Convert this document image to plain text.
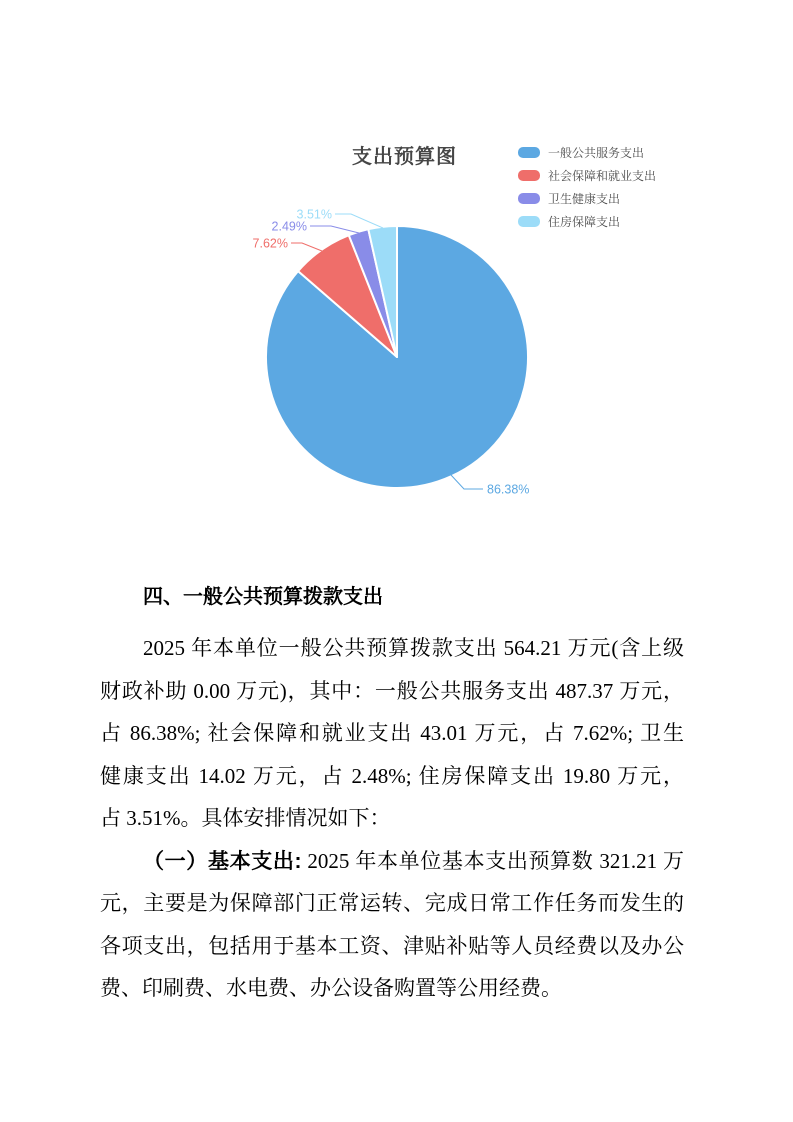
支出预算图
86.38%
7.62%
2.49%
3.51%
一般公共服务支出
社会保障和就业支出
卫生健康支出
住房保障支出
四、一般公共预算拨款支出
2025 年本单位一般公共预算拨款支出 564.21 万元(含上级
财政补助 0.00 万元)，其中：一般公共服务支出 487.37 万元，
占 86.38%; 社会保障和就业支出 43.01 万元，占 7.62%; 卫生
健康支出 14.02 万元，占 2.48%; 住房保障支出 19.80 万元，
占 3.51%。具体安排情况如下：
（一）基本支出: 2025 年本单位基本支出预算数 321.21 万
元，主要是为保障部门正常运转、完成日常工作任务而发生的
各项支出，包括用于基本工资、津贴补贴等人员经费以及办公
费、印刷费、水电费、办公设备购置等公用经费。
